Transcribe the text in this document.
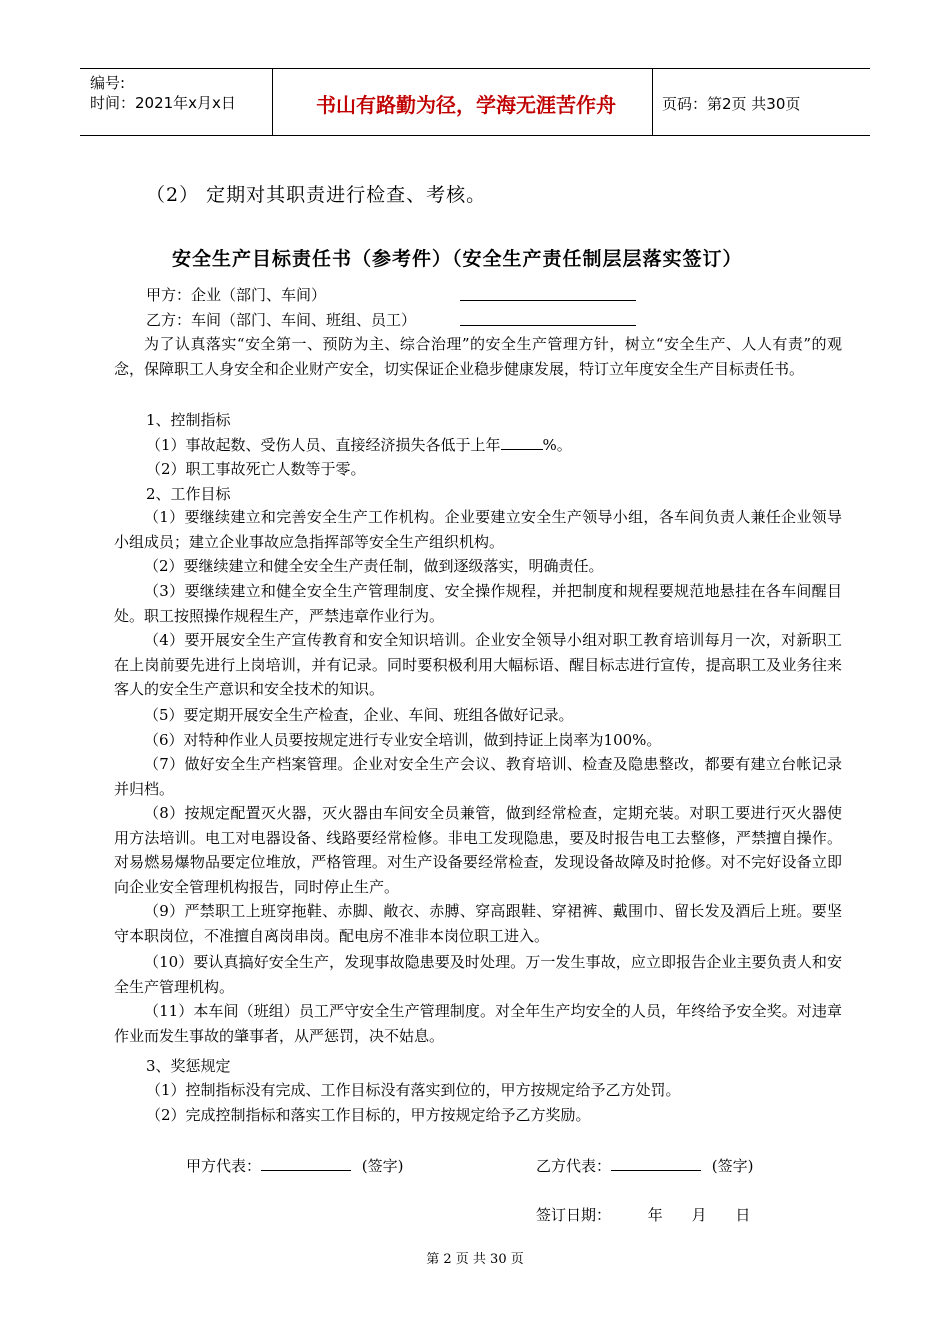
编号:
时间：2021年x月x日	书山有路勤为径，学海无涯苦作舟	页码：第2页 共30页
（2） 定期对其职责进行检查、考核。
安全生产目标责任书（参考件）（安全生产责任制层层落实签订）
甲方：企业（部门、车间）
乙方：车间（部门、车间、班组、员工）
为了认真落实“安全第一、预防为主、综合治理”的安全生产管理方针，树立“安全生产、人人有责”的观念，保障职工人身安全和企业财产安全，切实保证企业稳步健康发展，特订立年度安全生产目标责任书。
1、控制指标
（1）事故起数、受伤人员、直接经济损失各低于上年	%。
（2）职工事故死亡人数等于零。
2、工作目标
（1）要继续建立和完善安全生产工作机构。企业要建立安全生产领导小组，各车间负责人兼任企业领导小组成员；建立企业事故应急指挥部等安全生产组织机构。
（2）要继续建立和健全安全生产责任制，做到逐级落实，明确责任。
（3）要继续建立和健全安全生产管理制度、安全操作规程，并把制度和规程要规范地悬挂在各车间醒目处。职工按照操作规程生产，严禁违章作业行为。
（4）要开展安全生产宣传教育和安全知识培训。企业安全领导小组对职工教育培训每月一次，对新职工在上岗前要先进行上岗培训，并有记录。同时要积极利用大幅标语、醒目标志进行宣传，提高职工及业务往来客人的安全生产意识和安全技术的知识。
（5）要定期开展安全生产检查，企业、车间、班组各做好记录。
（6）对特种作业人员要按规定进行专业安全培训，做到持证上岗率为100%。
（7）做好安全生产档案管理。企业对安全生产会议、教育培训、检查及隐患整改，都要有建立台帐记录并归档。
（8）按规定配置灭火器，灭火器由车间安全员兼管，做到经常检查，定期充装。对职工要进行灭火器使用方法培训。电工对电器设备、线路要经常检修。非电工发现隐患，要及时报告电工去整修，严禁擅自操作。对易燃易爆物品要定位堆放，严格管理。对生产设备要经常检查，发现设备故障及时抢修。对不完好设备立即向企业安全管理机构报告，同时停止生产。
（9）严禁职工上班穿拖鞋、赤脚、敞衣、赤膊、穿高跟鞋、穿裙裤、戴围巾、留长发及酒后上班。要坚守本职岗位，不准擅自离岗串岗。配电房不准非本岗位职工进入。
（10）要认真搞好安全生产，发现事故隐患要及时处理。万一发生事故，应立即报告企业主要负责人和安全生产管理机构。
（11）本车间（班组）员工严守安全生产管理制度。对全年生产均安全的人员，年终给予安全奖。对违章作业而发生事故的肇事者，从严惩罚，决不姑息。
3、奖惩规定
（1）控制指标没有完成、工作目标没有落实到位的，甲方按规定给予乙方处罚。
（2）完成控制指标和落实工作目标的，甲方按规定给予乙方奖励。
甲方代表：	(签字)	乙方代表：	(签字)
签订日期： 年 月 日
第 2 页 共 30 页
